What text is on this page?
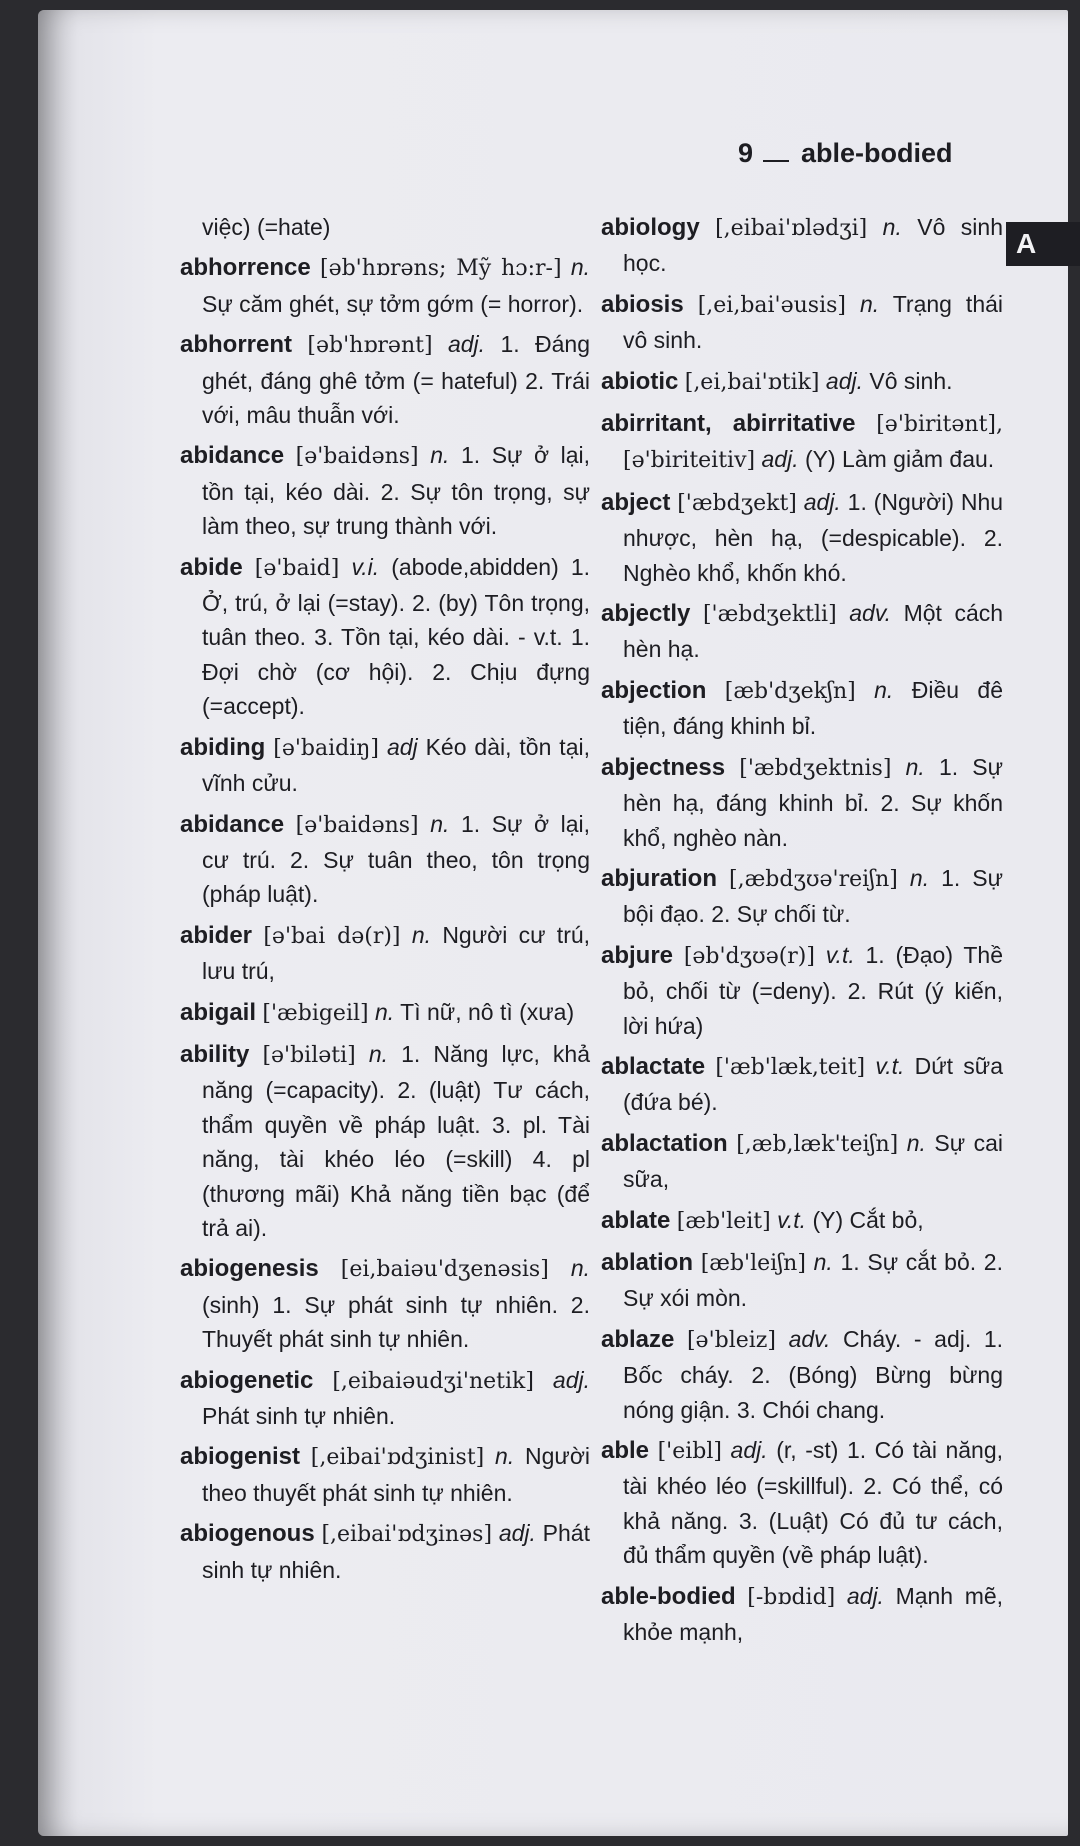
9 able-bodied
A

việc) (=hate)

abhorrence [əb'hɒrəns; Mỹ hɔ:r-] n. Sự căm ghét, sự tởm gớm (= horror).

abhorrent [əb'hɒrənt] adj. 1. Đáng ghét, đáng ghê tởm (= hateful) 2. Trái với, mâu thuẫn với.

abidance [ə'baidəns] n. 1. Sự ở lại, tồn tại, kéo dài. 2. Sự tôn trọng, sự làm theo, sự trung thành với.

abide [ə'baid] v.i. (abode,abidden) 1. Ở, trú, ở lại (=stay). 2. (by) Tôn trọng, tuân theo. 3. Tồn tại, kéo dài. - v.t. 1. Đợi chờ (cơ hội). 2. Chịu đựng (=accept).

abiding [ə'baidiŋ] adj Kéo dài, tồn tại, vĩnh cửu.

abidance [ə'baidəns] n. 1. Sự ở lại, cư trú. 2. Sự tuân theo, tôn trọng (pháp luật).

abider [ə'bai də(r)] n. Người cư trú, lưu trú,

abigail ['æbigeil] n. Tì nữ, nô tì (xưa)

ability [ə'biləti] n. 1. Năng lực, khả năng (=capacity). 2. (luật) Tư cách, thẩm quyền về pháp luật. 3. pl. Tài năng, tài khéo léo (=skill) 4. pl (thương mãi) Khả năng tiền bạc (để trả ai).

abiogenesis [ei,baiəu'dʒenəsis] n. (sinh) 1. Sự phát sinh tự nhiên. 2. Thuyết phát sinh tự nhiên.

abiogenetic [,eibaiəudʒi'netik] adj. Phát sinh tự nhiên.

abiogenist [,eibai'ɒdʒinist] n. Người theo thuyết phát sinh tự nhiên.

abiogenous [,eibai'ɒdʒinəs] adj. Phát sinh tự nhiên.

abiology [,eibai'ɒlədʒi] n. Vô sinh học.

abiosis [,ei,bai'əusis] n. Trạng thái vô sinh.

abiotic [,ei,bai'ɒtik] adj. Vô sinh.

abirritant, abirritative [ə'biritənt], [ə'biriteitiv] adj. (Y) Làm giảm đau.

abject ['æbdʒekt] adj. 1. (Người) Nhu nhược, hèn hạ, (=despicable). 2. Nghèo khổ, khốn khó.

abjectly ['æbdʒektli] adv. Một cách hèn hạ.

abjection [æb'dʒekʃn] n. Điều đê tiện, đáng khinh bỉ.

abjectness ['æbdʒektnis] n. 1. Sự hèn hạ, đáng khinh bỉ. 2. Sự khốn khổ, nghèo nàn.

abjuration [,æbdʒʊə'reiʃn] n. 1. Sự bội đạo. 2. Sự chối từ.

abjure [əb'dʒʊə(r)] v.t. 1. (Đạo) Thề bỏ, chối từ (=deny). 2. Rút (ý kiến, lời hứa)

ablactate ['æb'læk,teit] v.t. Dứt sữa (đứa bé).

ablactation [,æb,læk'teiʃn] n. Sự cai sữa,

ablate [æb'leit] v.t. (Y) Cắt bỏ,

ablation [æb'leiʃn] n. 1. Sự cắt bỏ. 2. Sự xói mòn.

ablaze [ə'bleiz] adv. Cháy. - adj. 1. Bốc cháy. 2. (Bóng) Bừng bừng nóng giận. 3. Chói chang.

able ['eibl] adj. (r, -st) 1. Có tài năng, tài khéo léo (=skillful). 2. Có thể, có khả năng. 3. (Luật) Có đủ tư cách, đủ thẩm quyền (về pháp luật).

able-bodied [-bɒdid] adj. Mạnh mẽ, khỏe mạnh,
